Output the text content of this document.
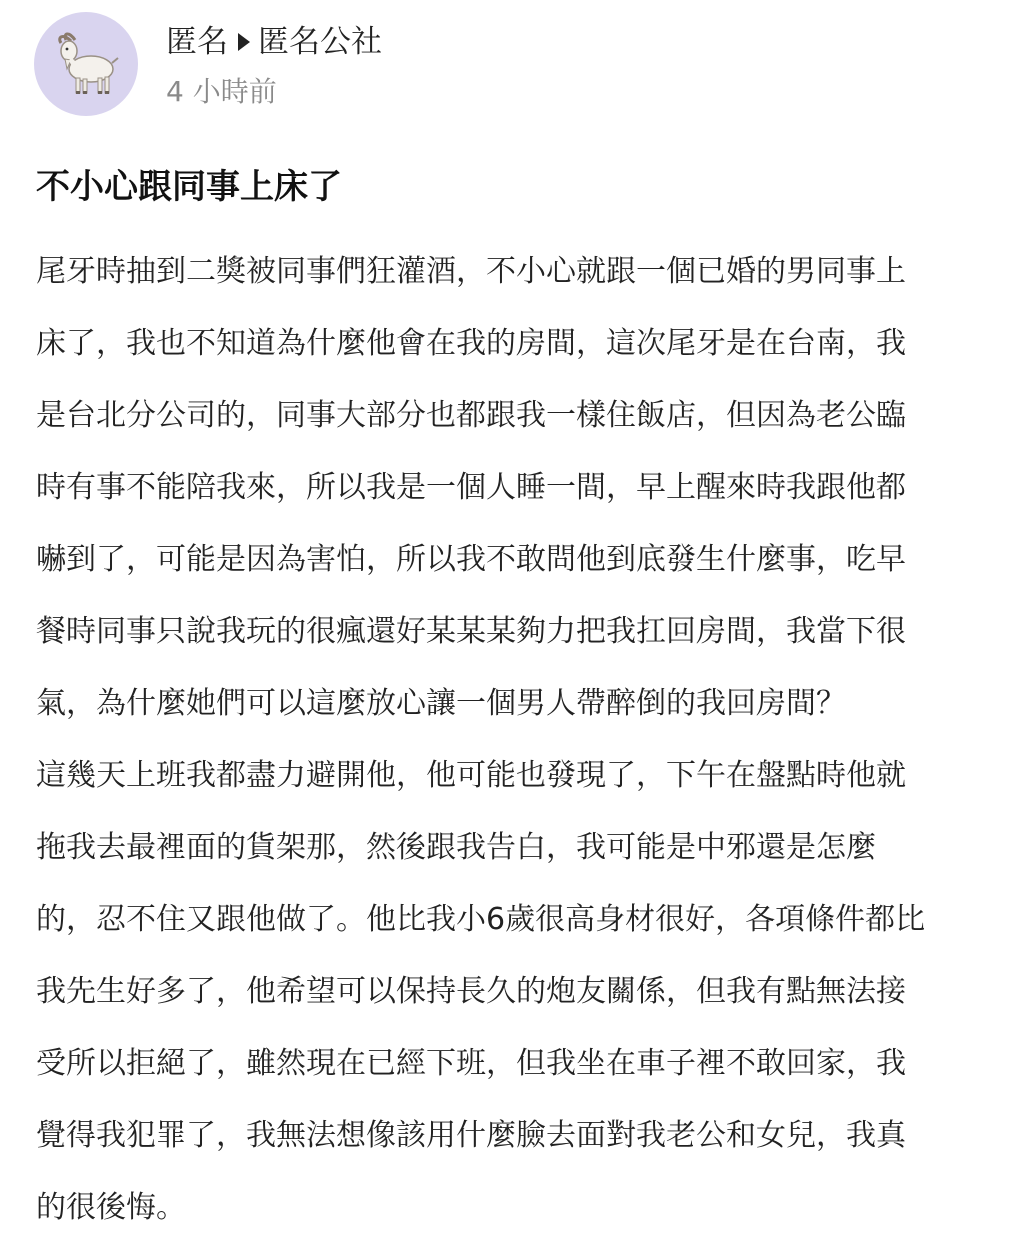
匿名 匿名公社
4 小時前
不小心跟同事上床了
尾牙時抽到二獎被同事們狂灌酒，不小心就跟一個已婚的男同事上
床了，我也不知道為什麼他會在我的房間，這次尾牙是在台南，我
是台北分公司的，同事大部分也都跟我一樣住飯店，但因為老公臨
時有事不能陪我來，所以我是一個人睡一間，早上醒來時我跟他都
嚇到了，可能是因為害怕，所以我不敢問他到底發生什麼事，吃早
餐時同事只說我玩的很瘋還好某某某夠力把我扛回房間，我當下很
氣，為什麼她們可以這麼放心讓一個男人帶醉倒的我回房間？
這幾天上班我都盡力避開他，他可能也發現了，下午在盤點時他就
拖我去最裡面的貨架那，然後跟我告白，我可能是中邪還是怎麼
的，忍不住又跟他做了。他比我小6歲很高身材很好，各項條件都比
我先生好多了，他希望可以保持長久的炮友關係，但我有點無法接
受所以拒絕了，雖然現在已經下班，但我坐在車子裡不敢回家，我
覺得我犯罪了，我無法想像該用什麼臉去面對我老公和女兒，我真
的很後悔。
